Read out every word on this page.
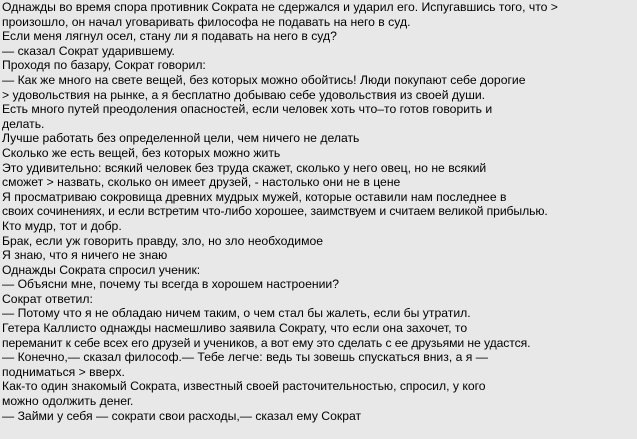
Однажды во время спора противник Сократа не сдержался и ударил его. Испугавшись того, что >
произошло, он начал уговаривать философа не подавать на него в суд.
Если меня лягнул осел, стану ли я подавать на него в суд?
— сказал Сократ ударившему.
Проходя по базару, Сократ говорил:
— Как же много на свете вещей, без которых можно обойтись! Люди покупают себе дорогие
> удовольствия на рынке, а я бесплатно добываю себе удовольствия из своей души.
Есть много путей преодоления опасностей, если человек хоть что–то готов говорить и
делать.
Лучше работать без определенной цели, чем ничего не делать
Сколько же есть вещей, без которых можно жить
Это удивительно: всякий человек без труда скажет, сколько у него овец, но не всякий
сможет > назвать, сколько он имеет друзей, - настолько они не в цене
Я просматриваю сокровища древних мудрых мужей, которые оставили нам последнее в
своих сочинениях, и если встретим что-либо хорошее, заимствуем и считаем великой прибылью.
Кто мудр, тот и добр.
Брак, если уж говорить правду, зло, но зло необходимое
Я знаю, что я ничего не знаю
Однажды Сократа спросил ученик:
— Объясни мне, почему ты всегда в хорошем настроении?
Сократ ответил:
— Потому что я не обладаю ничем таким, о чем стал бы жалеть, если бы утратил.
Гетера Каллисто однажды насмешливо заявила Сократу, что если она захочет, то
переманит к себе всех его друзей и учеников, а вот ему это сделать с ее друзьями не удастся.
— Конечно,— сказал философ.— Тебе легче: ведь ты зовешь спускаться вниз, а я —
подниматься > вверх.
Как-то один знакомый Сократа, известный своей расточительностью, спросил, у кого
можно одолжить денег.
— Займи у себя — сократи свои расходы,— сказал ему Сократ
